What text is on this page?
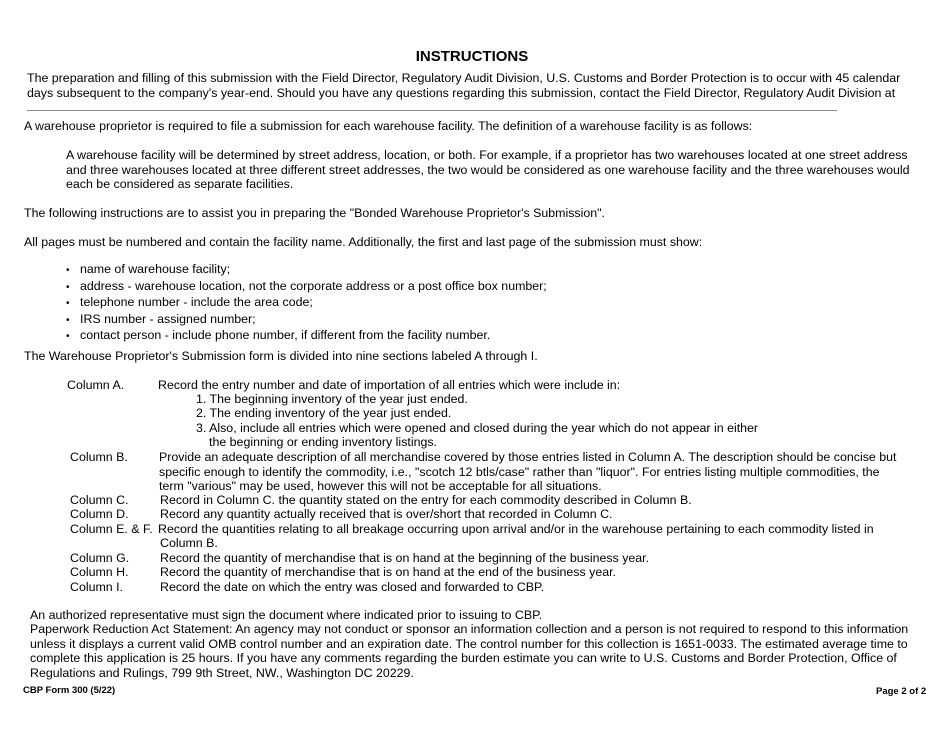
INSTRUCTIONS
The preparation and filling of this submission with the Field Director, Regulatory Audit Division, U.S. Customs and Border Protection is to occur with 45 calendar days subsequent to the company's year-end. Should you have any questions regarding this submission, contact the Field Director, Regulatory Audit Division at
A warehouse proprietor is required to file a submission for each warehouse facility. The definition of a warehouse facility is as follows:
A warehouse facility will be determined by street address, location, or both. For example, if a proprietor has two warehouses located at one street address and three warehouses located at three different street addresses, the two would be considered as one warehouse facility and the three warehouses would each be considered as separate facilities.
The following instructions are to assist you in preparing the "Bonded Warehouse Proprietor's Submission".
All pages must be numbered and contain the facility name. Additionally, the first and last page of the submission must show:
• name of warehouse facility;
• address - warehouse location, not the corporate address or a post office box number;
• telephone number - include the area code;
• IRS number - assigned number;
• contact person - include phone number, if different from the facility number.
The Warehouse Proprietor's Submission form is divided into nine sections labeled A through I.
Column A.	Record the entry number and date of importation of all entries which were include in:
1. The beginning inventory of the year just ended.
2. The ending inventory of the year just ended.
3. Also, include all entries which were opened and closed during the year which do not appear in either
the beginning or ending inventory listings.
Column B.	Provide an adequate description of all merchandise covered by those entries listed in Column A. The description should be concise but specific enough to identify the commodity, i.e., "scotch 12 btls/case" rather than "liquor". For entries listing multiple commodities, the term "various" may be used, however this will not be acceptable for all situations.
Column C.	Record in Column C. the quantity stated on the entry for each commodity described in Column B.
Column D.	Record any quantity actually received that is over/short that recorded in Column C.
Column E. & F. Record the quantities relating to all breakage occurring upon arrival and/or in the warehouse pertaining to each commodity listed in
Column B.
Column G. Record the quantity of merchandise that is on hand at the beginning of the business year.
Column H.	Record the quantity of merchandise that is on hand at the end of the business year.
Column I.	Record the date on which the entry was closed and forwarded to CBP.
An authorized representative must sign the document where indicated prior to issuing to CBP.
Paperwork Reduction Act Statement: An agency may not conduct or sponsor an information collection and a person is not required to respond to this information unless it displays a current valid OMB control number and an expiration date. The control number for this collection is 1651-0033. The estimated average time to complete this application is 25 hours. If you have any comments regarding the burden estimate you can write to U.S. Customs and Border Protection, Office of Regulations and Rulings, 799 9th Street, NW., Washington DC 20229.
CBP Form 300 (5/22)	Page 2 of 2
